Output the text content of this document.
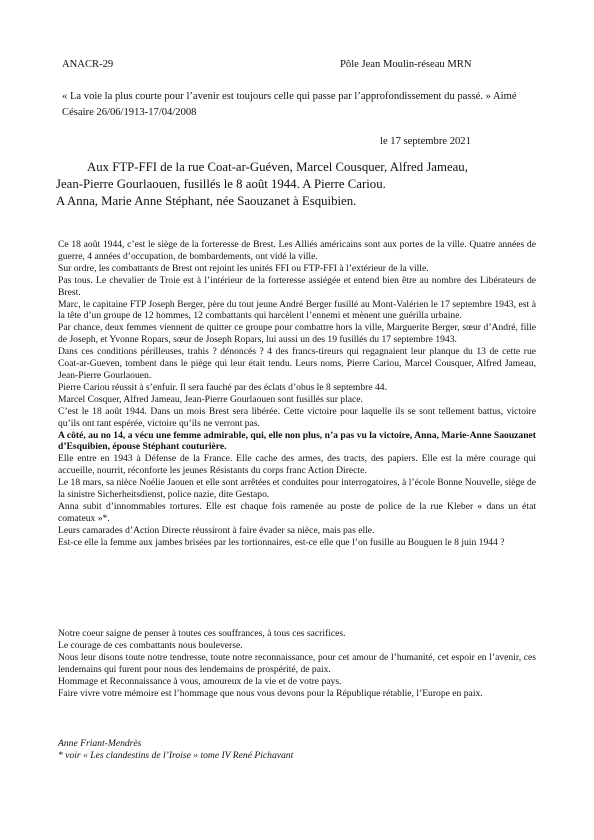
ANACR-29	Pôle Jean Moulin-réseau MRN

« La voie la plus courte pour l’avenir est toujours celle qui passe par l’approfondissement du passé. » Aimé Césaire 26/06/1913-17/04/2008

le 17 septembre 2021

Aux FTP-FFI de la rue Coat-ar-Guéven, Marcel Cousquer, Alfred Jameau,
Jean-Pierre Gourlaouen, fusillés le 8 août 1944. A Pierre Cariou.
A Anna, Marie Anne Stéphant, née Saouzanet à Esquibien.

Ce 18 août 1944, c’est le siège de la forteresse de Brest. Les Alliés américains sont aux portes de la ville. Quatre années de guerre, 4 années d’occupation, de bombardements, ont vidé la ville.

Sur ordre, les combattants de Brest ont rejoint les unités FFI ou FTP-FFI à l’extérieur de la ville.

Pas tous. Le chevalier de Troie est à l’intérieur de la forteresse assiégée et entend bien être au nombre des Libérateurs de Brest.

Marc, le capitaine FTP Joseph Berger, père du tout jeune André Berger fusillé au Mont-Valérien le 17 septembre 1943, est à la tête d’un groupe de 12 hommes, 12 combattants qui harcèlent l’ennemi et mènent une guérilla urbaine.

Par chance, deux femmes viennent de quitter ce groupe pour combattre hors la ville, Marguerite Berger, sœur d’André, fille de Joseph, et Yvonne Ropars, sœur de Joseph Ropars, lui aussi un des 19 fusillés du 17 septembre 1943.

Dans ces conditions périlleuses, trahis ? dénoncés ? 4 des francs-tireurs qui regagnaient leur planque du 13 de cette rue Coat-ar-Gueven, tombent dans le piège qui leur était tendu. Leurs noms, Pierre Cariou, Marcel Cousquer, Alfred Jameau, Jean-Pierre Gourlaouen.

Pierre Cariou réussit à s’enfuir. Il sera fauché par des éclats d’obus le 8 septembre 44.

Marcel Cosquer, Alfred Jameau, Jean-Pierre Gourlaouen sont fusillés sur place.

C’est le 18 août 1944. Dans un mois Brest sera libérée. Cette victoire pour laquelle ils se sont tellement battus, victoire qu’ils ont tant espérée, victoire qu’ils ne verront pas.

A côté, au no 14, a vécu une femme admirable, qui, elle non plus, n’a pas vu la victoire, Anna, Marie-Anne Saouzanet d’Esquibien, épouse Stéphant couturière.

Elle entre en 1943 à Défense de la France. Elle cache des armes, des tracts, des papiers. Elle est la mère courage qui accueille, nourrit, réconforte les jeunes Résistants du corps franc Action Directe.

Le 18 mars, sa nièce Noélie Jaouen et elle sont arrêtées et conduites pour interrogatoires, à l’école Bonne Nouvelle, siège de la sinistre Sicherheitsdienst, police nazie, dite Gestapo.

Anna subit d’innommables tortures. Elle est chaque fois ramenée au poste de police de la rue Kleber « dans un état comateux »*.

Leurs camarades d’Action Directe réussiront à faire évader sa nièce, mais pas elle.

Est-ce elle la femme aux jambes brisées par les tortionnaires, est-ce elle que l’on fusille au Bouguen le 8 juin 1944 ?

Notre coeur saigne de penser à toutes ces souffrances, à tous ces sacrifices.

Le courage de ces combattants nous bouleverse.

Nous leur disons toute notre tendresse, toute notre reconnaissance, pour cet amour de l’humanité, cet espoir en l’avenir, ces lendemains qui furent pour nous des lendemains de prospérité, de paix.

Hommage et Reconnaissance à vous, amoureux de la vie et de votre pays.

Faire vivre votre mémoire est l’hommage que nous vous devons pour la République rétablie, l’Europe en paix.

Anne Friant-Mendrès

* voir « Les clandestins de l’Iroise » tome IV René Pichavant
